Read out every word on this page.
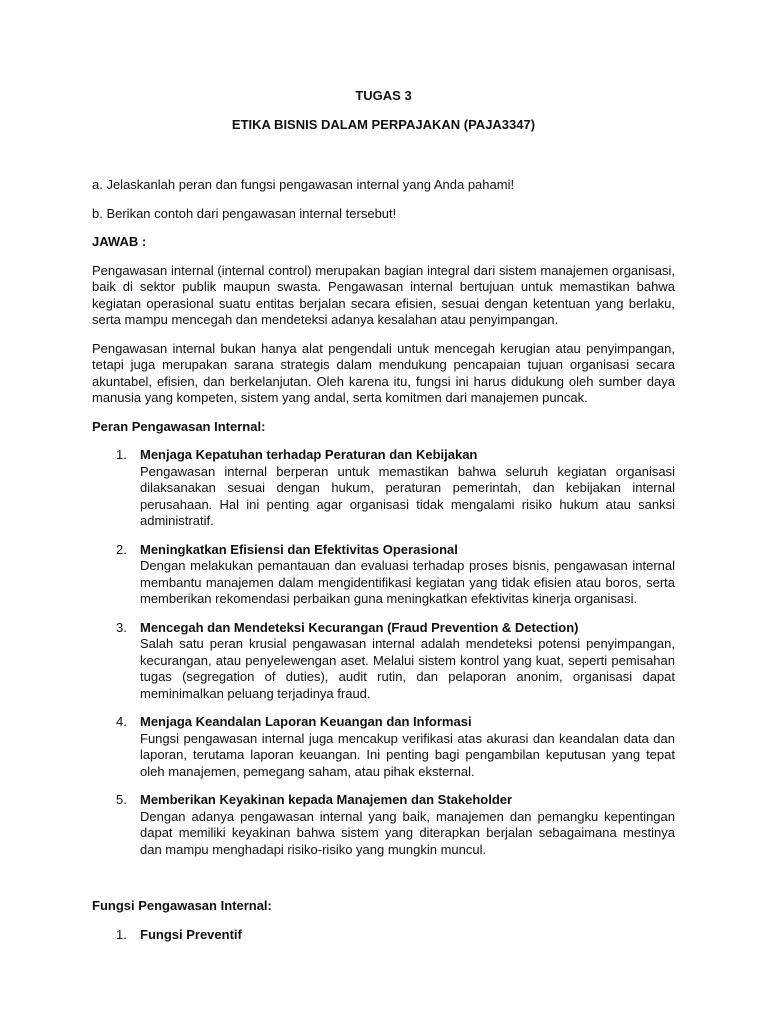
TUGAS 3
ETIKA BISNIS DALAM PERPAJAKAN (PAJA3347)
a. Jelaskanlah peran dan fungsi pengawasan internal yang Anda pahami!
b. Berikan contoh dari pengawasan internal tersebut!
JAWAB :
Pengawasan internal (internal control) merupakan bagian integral dari sistem manajemen organisasi, baik di sektor publik maupun swasta. Pengawasan internal bertujuan untuk memastikan bahwa kegiatan operasional suatu entitas berjalan secara efisien, sesuai dengan ketentuan yang berlaku, serta mampu mencegah dan mendeteksi adanya kesalahan atau penyimpangan.
Pengawasan internal bukan hanya alat pengendali untuk mencegah kerugian atau penyimpangan, tetapi juga merupakan sarana strategis dalam mendukung pencapaian tujuan organisasi secara akuntabel, efisien, dan berkelanjutan. Oleh karena itu, fungsi ini harus didukung oleh sumber daya manusia yang kompeten, sistem yang andal, serta komitmen dari manajemen puncak.
Peran Pengawasan Internal:
1. Menjaga Kepatuhan terhadap Peraturan dan Kebijakan
Pengawasan internal berperan untuk memastikan bahwa seluruh kegiatan organisasi dilaksanakan sesuai dengan hukum, peraturan pemerintah, dan kebijakan internal perusahaan. Hal ini penting agar organisasi tidak mengalami risiko hukum atau sanksi administratif.
2. Meningkatkan Efisiensi dan Efektivitas Operasional
Dengan melakukan pemantauan dan evaluasi terhadap proses bisnis, pengawasan internal membantu manajemen dalam mengidentifikasi kegiatan yang tidak efisien atau boros, serta memberikan rekomendasi perbaikan guna meningkatkan efektivitas kinerja organisasi.
3. Mencegah dan Mendeteksi Kecurangan (Fraud Prevention & Detection)
Salah satu peran krusial pengawasan internal adalah mendeteksi potensi penyimpangan, kecurangan, atau penyelewengan aset. Melalui sistem kontrol yang kuat, seperti pemisahan tugas (segregation of duties), audit rutin, dan pelaporan anonim, organisasi dapat meminimalkan peluang terjadinya fraud.
4. Menjaga Keandalan Laporan Keuangan dan Informasi
Fungsi pengawasan internal juga mencakup verifikasi atas akurasi dan keandalan data dan laporan, terutama laporan keuangan. Ini penting bagi pengambilan keputusan yang tepat oleh manajemen, pemegang saham, atau pihak eksternal.
5. Memberikan Keyakinan kepada Manajemen dan Stakeholder
Dengan adanya pengawasan internal yang baik, manajemen dan pemangku kepentingan dapat memiliki keyakinan bahwa sistem yang diterapkan berjalan sebagaimana mestinya dan mampu menghadapi risiko-risiko yang mungkin muncul.
Fungsi Pengawasan Internal:
1. Fungsi Preventif
